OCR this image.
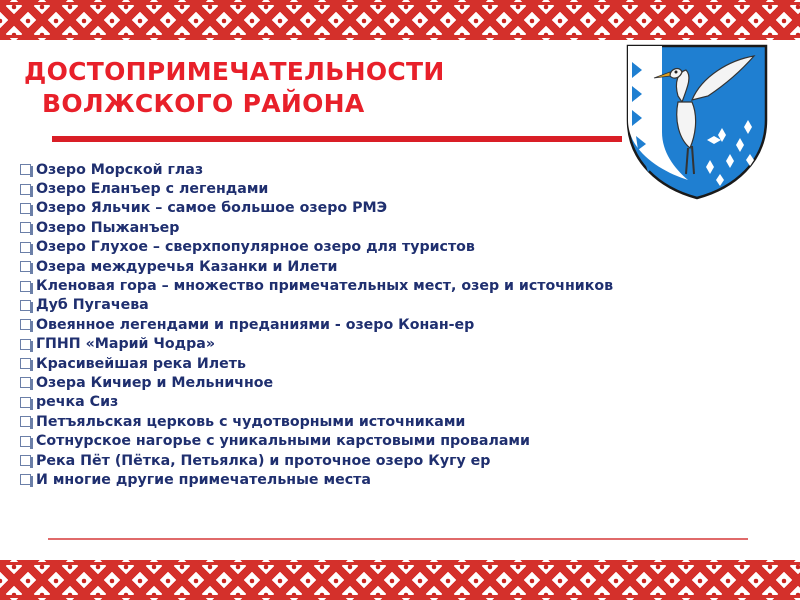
ДОСТОПРИМЕЧАТЕЛЬНОСТИ
ВОЛЖСКОГО РАЙОНА
Озеро Морской глаз
Озеро Еланъер с легендами
Озеро Яльчик – самое большое озеро РМЭ
Озеро Пыжанъер
Озеро Глухое – сверхпопулярное озеро для туристов
Озера междуречья Казанки и Илети
Кленовая гора – множество примечательных мест, озер и источников
Дуб Пугачева
Овеянное легендами и преданиями - озеро Конан-ер
ГПНП «Марий Чодра»
Красивейшая река Илеть
Озера Кичиер и Мельничное
речка Сиз
Петъяльская церковь с чудотворными источниками
Сотнурское нагорье с уникальными карстовыми провалами
Река Пёт (Пётка, Петьялка) и проточное озеро Кугу ер
И многие другие примечательные места
